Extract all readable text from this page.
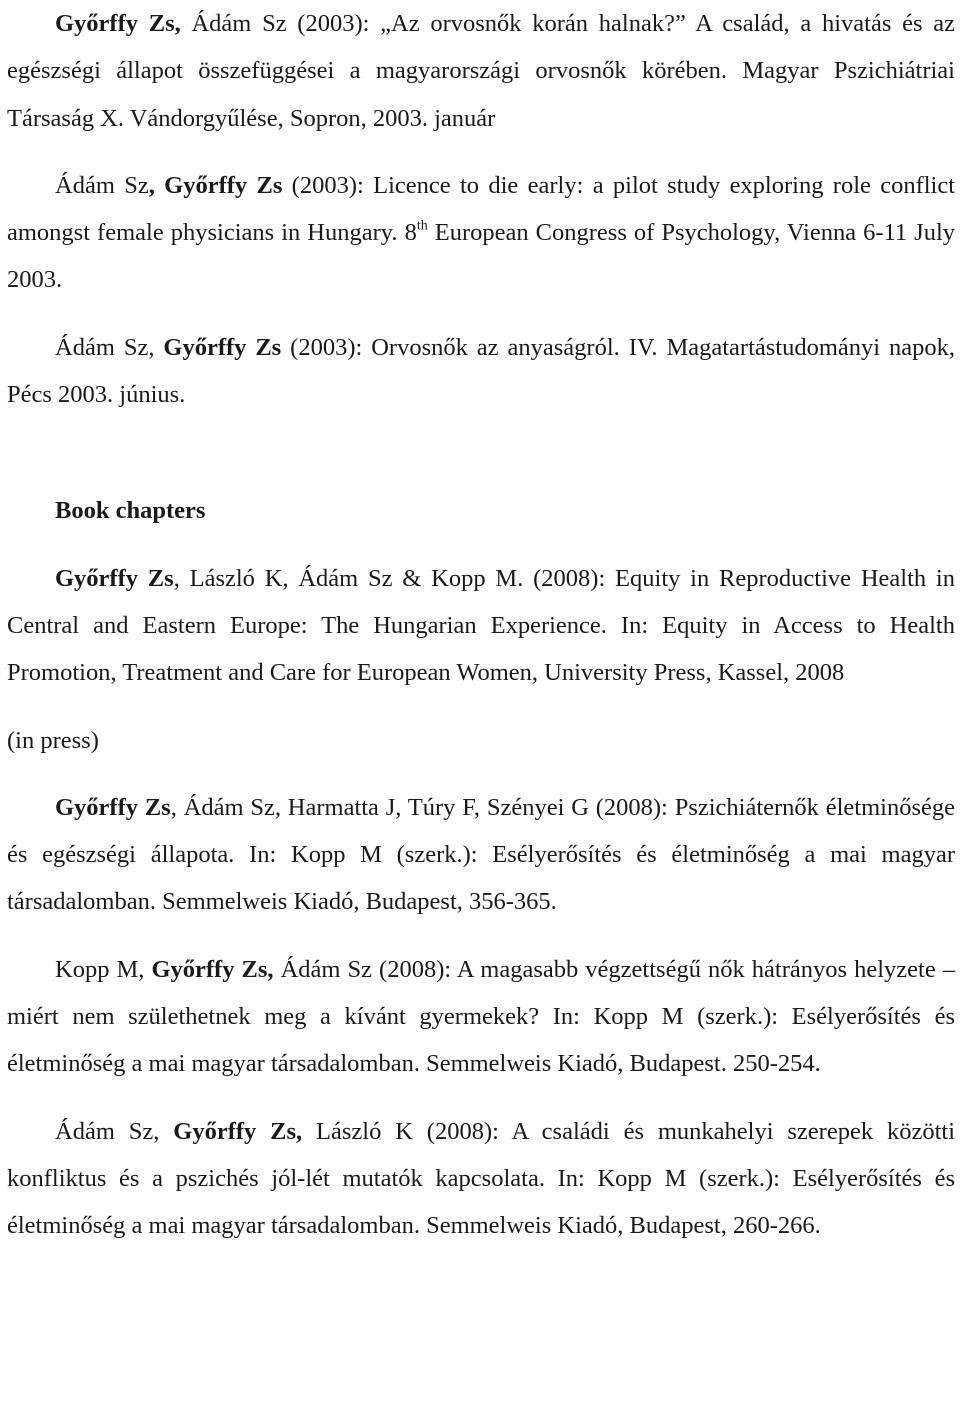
Győrffy Zs, Ádám Sz (2003): „Az orvosnők korán halnak?” A család, a hivatás és az egészségi állapot összefüggései a magyarországi orvosnők körében. Magyar Pszichiátriai Társaság X. Vándorgyűlése, Sopron, 2003. január

Ádám Sz, Győrffy Zs (2003): Licence to die early: a pilot study exploring role conflict amongst female physicians in Hungary. 8th European Congress of Psychology, Vienna 6-11 July 2003.

Ádám Sz, Győrffy Zs (2003): Orvosnők az anyaságról. IV. Magatartástudományi napok, Pécs 2003. június.

Book chapters

Győrffy Zs, László K, Ádám Sz & Kopp M. (2008): Equity in Reproductive Health in Central and Eastern Europe: The Hungarian Experience. In: Equity in Access to Health Promotion, Treatment and Care for European Women, University Press, Kassel, 2008

(in press)

Győrffy Zs, Ádám Sz, Harmatta J, Túry F, Szényei G (2008): Pszichiáternők életminősége és egészségi állapota. In: Kopp M (szerk.): Esélyerősítés és életminőség a mai magyar társadalomban. Semmelweis Kiadó, Budapest, 356-365.

Kopp M, Győrffy Zs, Ádám Sz (2008): A magasabb végzettségű nők hátrányos helyzete – miért nem születhetnek meg a kívánt gyermekek? In: Kopp M (szerk.): Esélyerősítés és életminőség a mai magyar társadalomban. Semmelweis Kiadó, Budapest. 250-254.

Ádám Sz, Győrffy Zs, László K (2008): A családi és munkahelyi szerepek közötti konfliktus és a pszichés jól-lét mutatók kapcsolata. In: Kopp M (szerk.): Esélyerősítés és életminőség a mai magyar társadalomban. Semmelweis Kiadó, Budapest, 260-266.
